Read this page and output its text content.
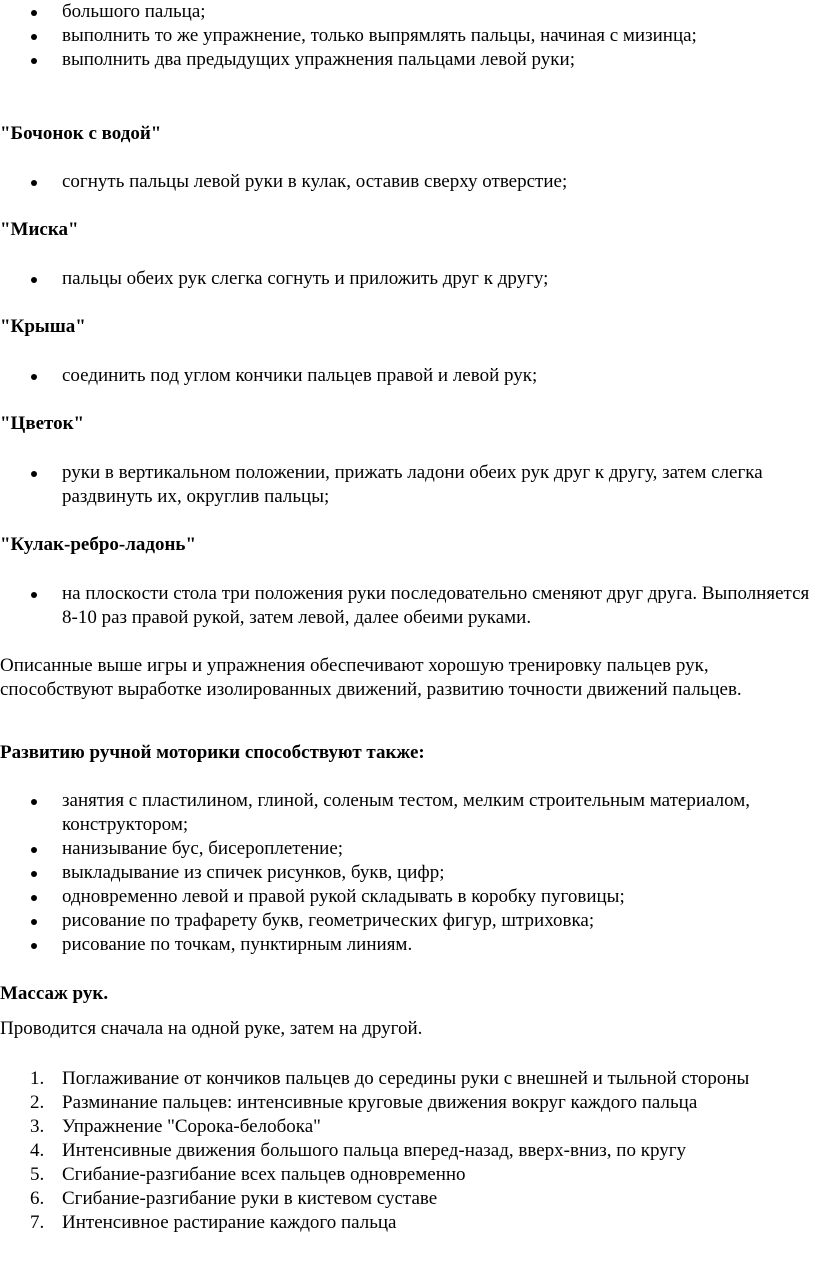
большого пальца;
выполнить то же упражнение, только выпрямлять пальцы, начиная с мизинца;
выполнить два предыдущих упражнения пальцами левой руки;
"Бочонок с водой"
согнуть пальцы левой руки в кулак, оставив сверху отверстие;
"Миска"
пальцы обеих рук слегка согнуть и приложить друг к другу;
"Крыша"
соединить под углом кончики пальцев правой и левой рук;
"Цветок"
руки в вертикальном положении, прижать ладони обеих рук друг к другу, затем слегка раздвинуть их, округлив пальцы;
"Кулак-ребро-ладонь"
на плоскости стола три положения руки последовательно сменяют друг друга. Выполняется 8-10 раз правой рукой, затем левой, далее обеими руками.

Описанные выше игры и упражнения обеспечивают хорошую тренировку пальцев рук, способствуют выработке изолированных движений, развитию точности движений пальцев.

Развитию ручной моторики способствуют также:
занятия с пластилином, глиной, соленым тестом, мелким строительным материалом, конструктором;
нанизывание бус, бисероплетение;
выкладывание из спичек рисунков, букв, цифр;
одновременно левой и правой рукой складывать в коробку пуговицы;
рисование по трафарету букв, геометрических фигур, штриховка;
рисование по точкам, пунктирным линиям.
Массаж рук.

Проводится сначала на одной руке, затем на другой.

1. Поглаживание от кончиков пальцев до середины руки с внешней и тыльной стороны
2. Разминание пальцев: интенсивные круговые движения вокруг каждого пальца
3. Упражнение "Сорока-белобока"
4. Интенсивные движения большого пальца вперед-назад, вверх-вниз, по кругу
5. Сгибание-разгибание всех пальцев одновременно
6. Сгибание-разгибание руки в кистевом суставе
7. Интенсивное растирание каждого пальца
